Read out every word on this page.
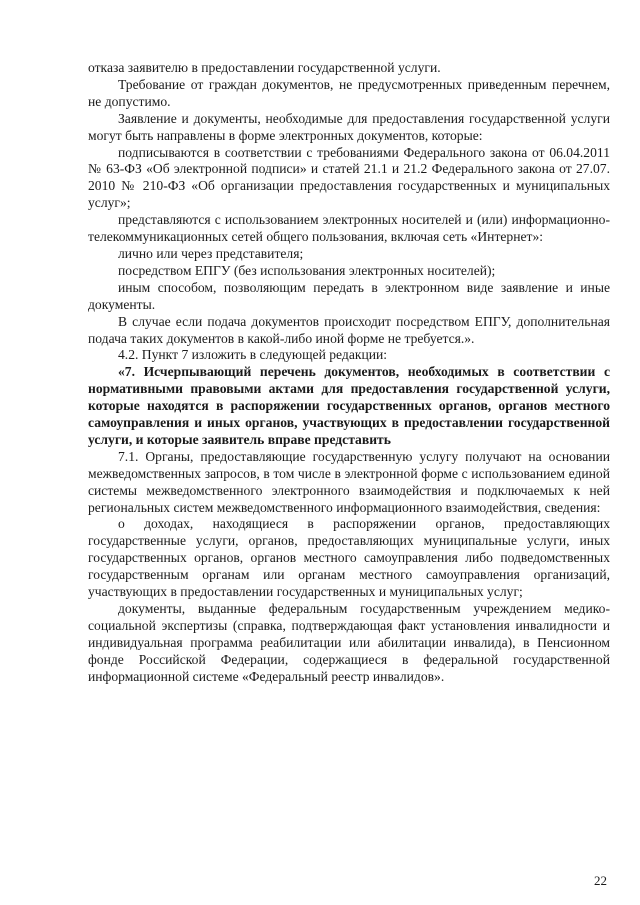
отказа заявителю в предоставлении государственной услуги.

Требование от граждан документов, не предусмотренных приведенным перечнем, не допустимо.

Заявление и документы, необходимые для предоставления государственной услуги могут быть направлены в форме электронных документов, которые:

подписываются в соответствии с требованиями Федерального закона от 06.04.2011 № 63-ФЗ «Об электронной подписи» и статей 21.1 и 21.2 Федерального закона от 27.07. 2010 № 210-ФЗ «Об организации предоставления государственных и муниципальных услуг»;

представляются с использованием электронных носителей и (или) информационно-телекоммуникационных сетей общего пользования, включая сеть «Интернет»:

лично или через представителя;

посредством ЕПГУ (без использования электронных носителей);

иным способом, позволяющим передать в электронном виде заявление и иные документы.

В случае если подача документов происходит посредством ЕПГУ, дополнительная подача таких документов в какой-либо иной форме не требуется.».

4.2. Пункт 7 изложить в следующей редакции:

«7. Исчерпывающий перечень документов, необходимых в соответствии с нормативными правовыми актами для предоставления государственной услуги, которые находятся в распоряжении государственных органов, органов местного самоуправления и иных органов, участвующих в предоставлении государственной услуги, и которые заявитель вправе представить

7.1. Органы, предоставляющие государственную услугу получают на основании межведомственных запросов, в том числе в электронной форме с использованием единой системы межведомственного электронного взаимодействия и подключаемых к ней региональных систем межведомственного информационного взаимодействия, сведения:

о доходах, находящиеся в распоряжении органов, предоставляющих государственные услуги, органов, предоставляющих муниципальные услуги, иных государственных органов, органов местного самоуправления либо подведомственных государственным органам или органам местного самоуправления организаций, участвующих в предоставлении государственных и муниципальных услуг;

документы, выданные федеральным государственным учреждением медико-социальной экспертизы (справка, подтверждающая факт установления инвалидности и индивидуальная программа реабилитации или абилитации инвалида), в Пенсионном фонде Российской Федерации, содержащиеся в федеральной государственной информационной системе «Федеральный реестр инвалидов».

22
